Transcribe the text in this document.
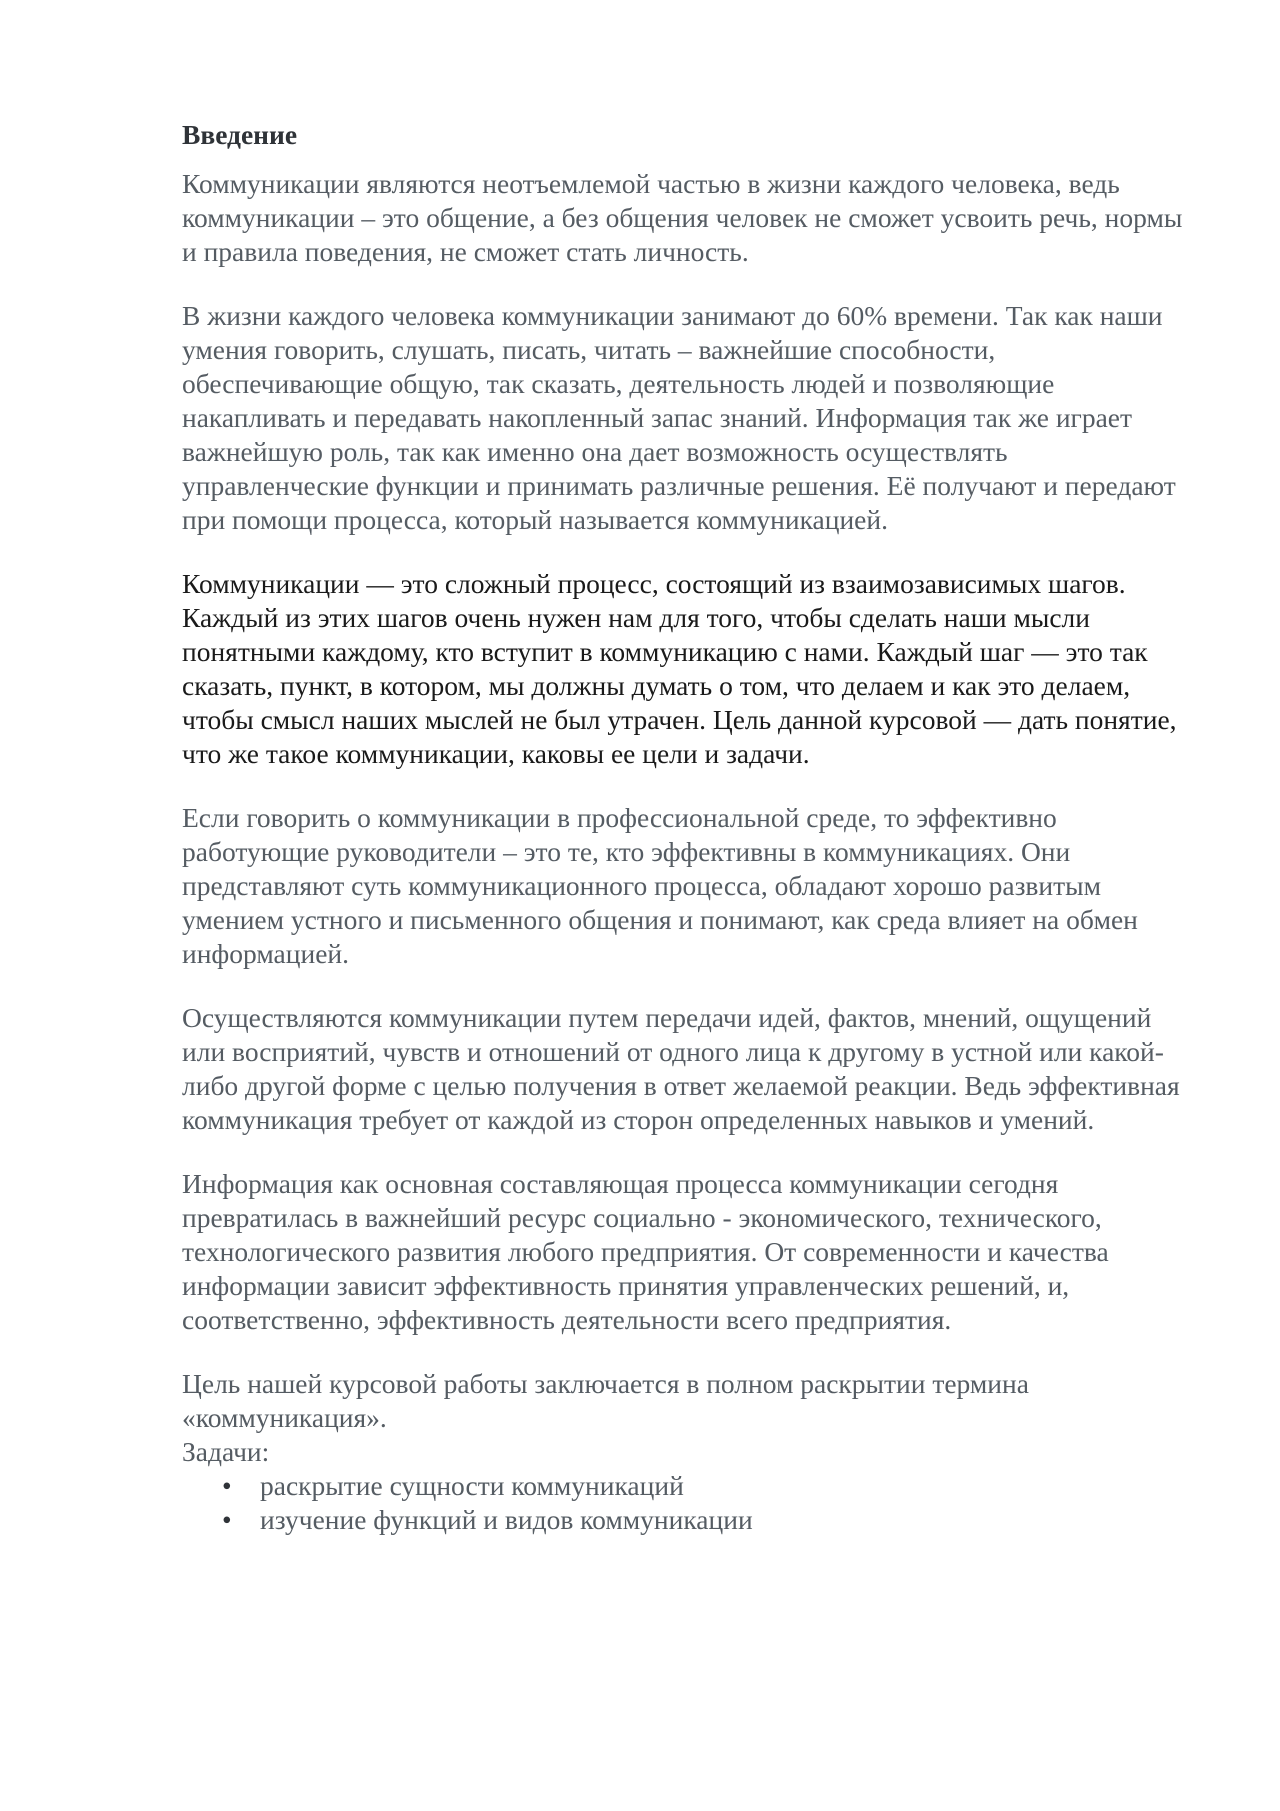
Введение

Коммуникации являются неотъемлемой частью в жизни каждого человека, ведь коммуникации – это общение, а без общения человек не сможет усвоить речь, нормы и правила поведения, не сможет стать личность.

В жизни каждого человека коммуникации занимают до 60% времени. Так как наши умения говорить, слушать, писать, читать – важнейшие способности, обеспечивающие общую, так сказать, деятельность людей и позволяющие накапливать и передавать накопленный запас знаний. Информация так же играет важнейшую роль, так как именно она дает возможность осуществлять управленческие функции и принимать различные решения. Её получают и передают при помощи процесса, который называется коммуникацией.

Коммуникации — это сложный процесс, состоящий из взаимозависимых шагов. Каждый из этих шагов очень нужен нам для того, чтобы сделать наши мысли понятными каждому, кто вступит в коммуникацию с нами. Каждый шаг — это так сказать, пункт, в котором, мы должны думать о том, что делаем и как это делаем, чтобы смысл наших мыслей не был утрачен. Цель данной курсовой — дать понятие, что же такое коммуникации, каковы ее цели и задачи.

Если говорить о коммуникации в профессиональной среде, то эффективно работующие руководители – это те, кто эффективны в коммуникациях. Они представляют суть коммуникационного процесса, обладают хорошо развитым умением устного и письменного общения и понимают, как среда влияет на обмен информацией.

Осуществляются коммуникации путем передачи идей, фактов, мнений, ощущений или восприятий, чувств и отношений от одного лица к другому в устной или какой-либо другой форме с целью получения в ответ желаемой реакции. Ведь эффективная коммуникация требует от каждой из сторон определенных навыков и умений.

Информация как основная составляющая процесса коммуникации сегодня превратилась в важнейший ресурс социально - экономического, технического, технологического развития любого предприятия. От современности и качества информации зависит эффективность принятия управленческих решений, и, соответственно, эффективность деятельности всего предприятия.

Цель нашей курсовой работы заключается в полном раскрытии термина «коммуникация».

Задачи:
• раскрытие сущности коммуникаций
• изучение функций и видов коммуникации
